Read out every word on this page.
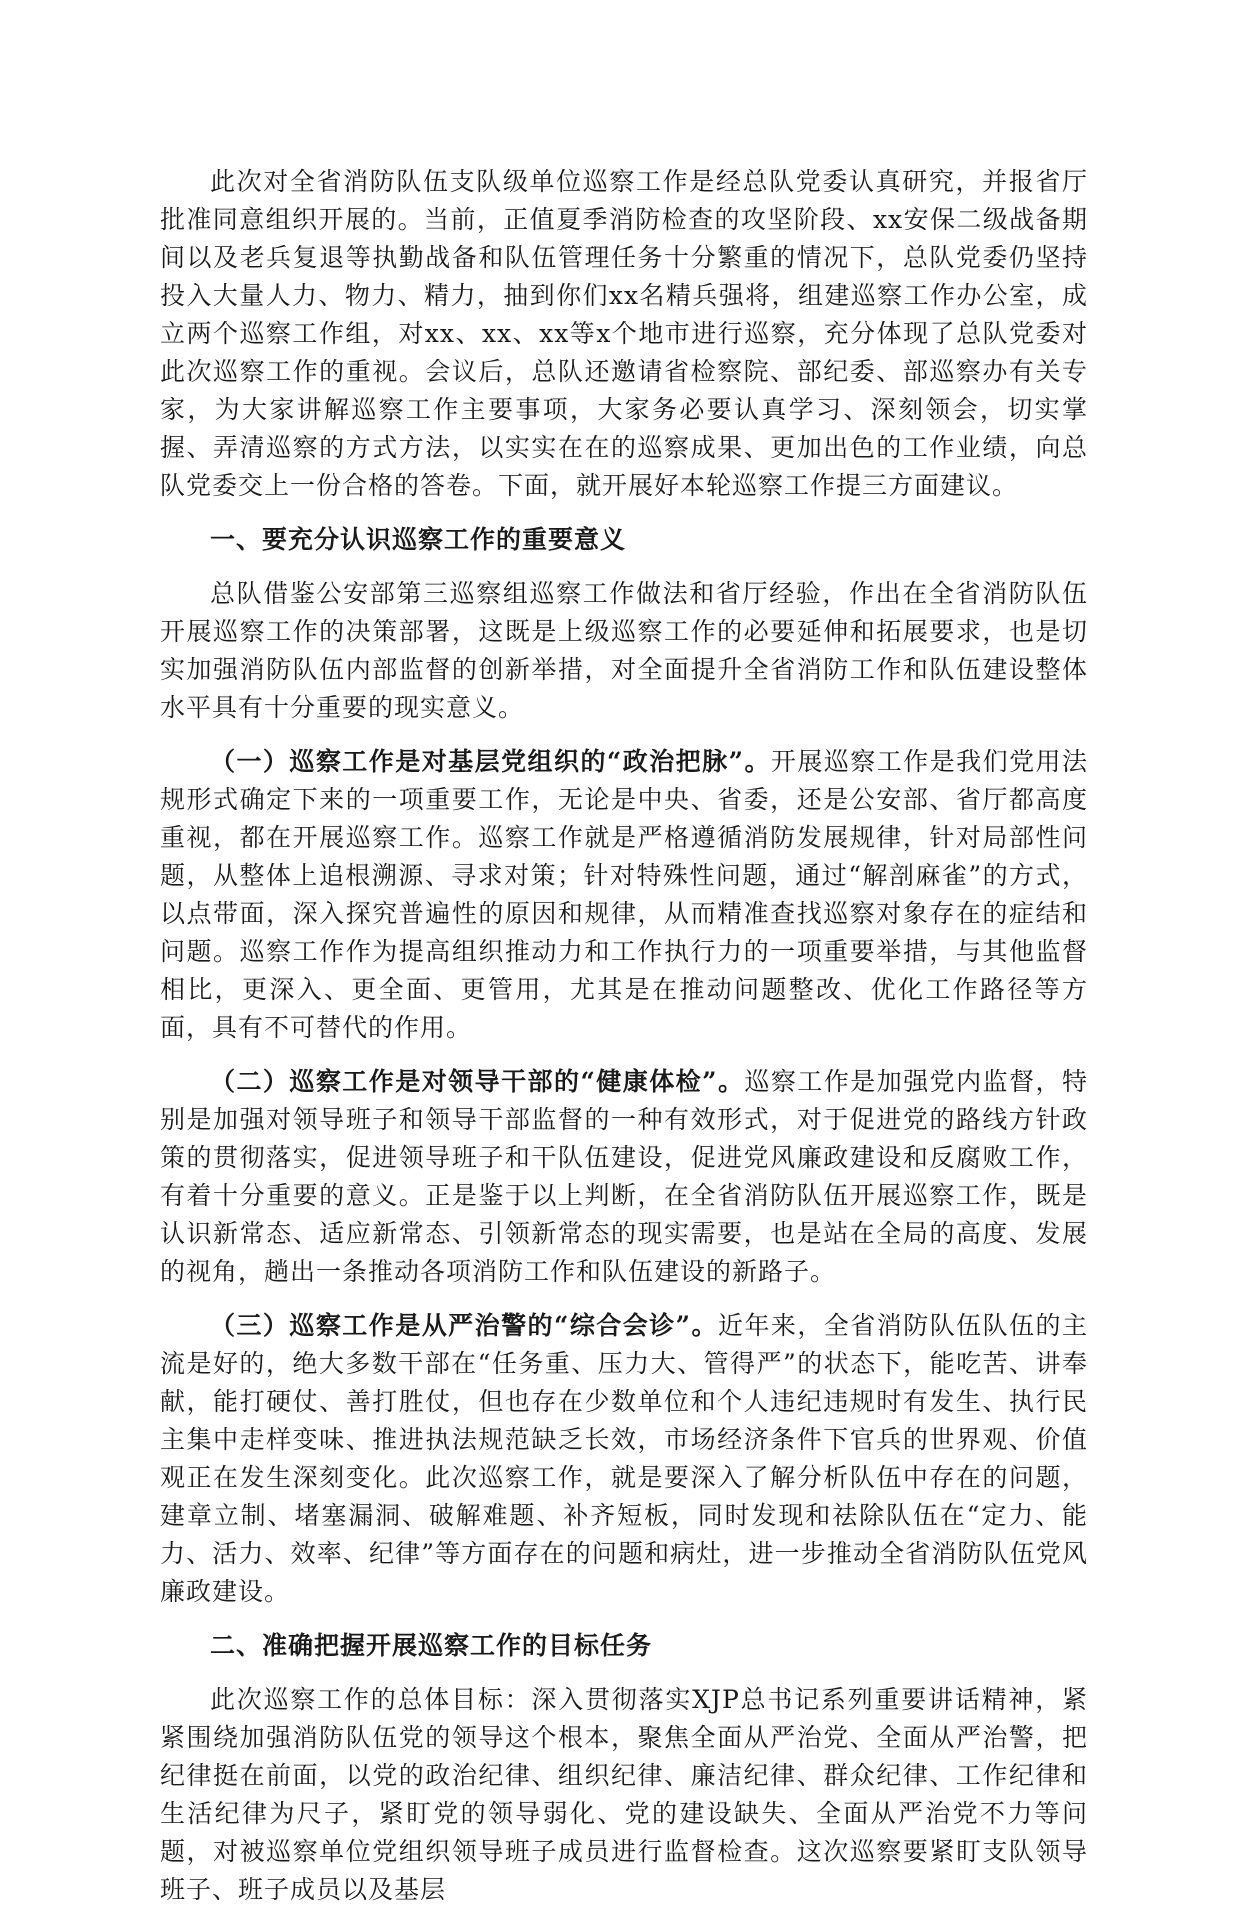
此次对全省消防队伍支队级单位巡察工作是经总队党委认真研究，并报省厅批准同意组织开展的。当前，正值夏季消防检查的攻坚阶段、xx安保二级战备期间以及老兵复退等执勤战备和队伍管理任务十分繁重的情况下，总队党委仍坚持投入大量人力、物力、精力，抽到你们xx名精兵强将，组建巡察工作办公室，成立两个巡察工作组，对xx、xx、xx等x个地市进行巡察，充分体现了总队党委对此次巡察工作的重视。会议后，总队还邀请省检察院、部纪委、部巡察办有关专家，为大家讲解巡察工作主要事项，大家务必要认真学习、深刻领会，切实掌握、弄清巡察的方式方法，以实实在在的巡察成果、更加出色的工作业绩，向总队党委交上一份合格的答卷。下面，就开展好本轮巡察工作提三方面建议。

一、要充分认识巡察工作的重要意义

总队借鉴公安部第三巡察组巡察工作做法和省厅经验，作出在全省消防队伍开展巡察工作的决策部署，这既是上级巡察工作的必要延伸和拓展要求，也是切实加强消防队伍内部监督的创新举措，对全面提升全省消防工作和队伍建设整体水平具有十分重要的现实意义。

（一）巡察工作是对基层党组织的“政治把脉”。开展巡察工作是我们党用法规形式确定下来的一项重要工作，无论是中央、省委，还是公安部、省厅都高度重视，都在开展巡察工作。巡察工作就是严格遵循消防发展规律，针对局部性问题，从整体上追根溯源、寻求对策；针对特殊性问题，通过“解剖麻雀”的方式，以点带面，深入探究普遍性的原因和规律，从而精准查找巡察对象存在的症结和问题。巡察工作作为提高组织推动力和工作执行力的一项重要举措，与其他监督相比，更深入、更全面、更管用，尤其是在推动问题整改、优化工作路径等方面，具有不可替代的作用。

（二）巡察工作是对领导干部的“健康体检”。巡察工作是加强党内监督，特别是加强对领导班子和领导干部监督的一种有效形式，对于促进党的路线方针政策的贯彻落实，促进领导班子和干队伍建设，促进党风廉政建设和反腐败工作，有着十分重要的意义。正是鉴于以上判断，在全省消防队伍开展巡察工作，既是认识新常态、适应新常态、引领新常态的现实需要，也是站在全局的高度、发展的视角，趟出一条推动各项消防工作和队伍建设的新路子。

（三）巡察工作是从严治警的“综合会诊”。近年来，全省消防队伍队伍的主流是好的，绝大多数干部在“任务重、压力大、管得严”的状态下，能吃苦、讲奉献，能打硬仗、善打胜仗，但也存在少数单位和个人违纪违规时有发生、执行民主集中走样变味、推进执法规范缺乏长效，市场经济条件下官兵的世界观、价值观正在发生深刻变化。此次巡察工作，就是要深入了解分析队伍中存在的问题，建章立制、堵塞漏洞、破解难题、补齐短板，同时发现和祛除队伍在“定力、能力、活力、效率、纪律”等方面存在的问题和病灶，进一步推动全省消防队伍党风廉政建设。

二、准确把握开展巡察工作的目标任务

此次巡察工作的总体目标：深入贯彻落实XJP总书记系列重要讲话精神，紧紧围绕加强消防队伍党的领导这个根本，聚焦全面从严治党、全面从严治警，把纪律挺在前面，以党的政治纪律、组织纪律、廉洁纪律、群众纪律、工作纪律和生活纪律为尺子，紧盯党的领导弱化、党的建设缺失、全面从严治党不力等问题，对被巡察单位党组织领导班子成员进行监督检查。这次巡察要紧盯支队领导班子、班子成员以及基层
